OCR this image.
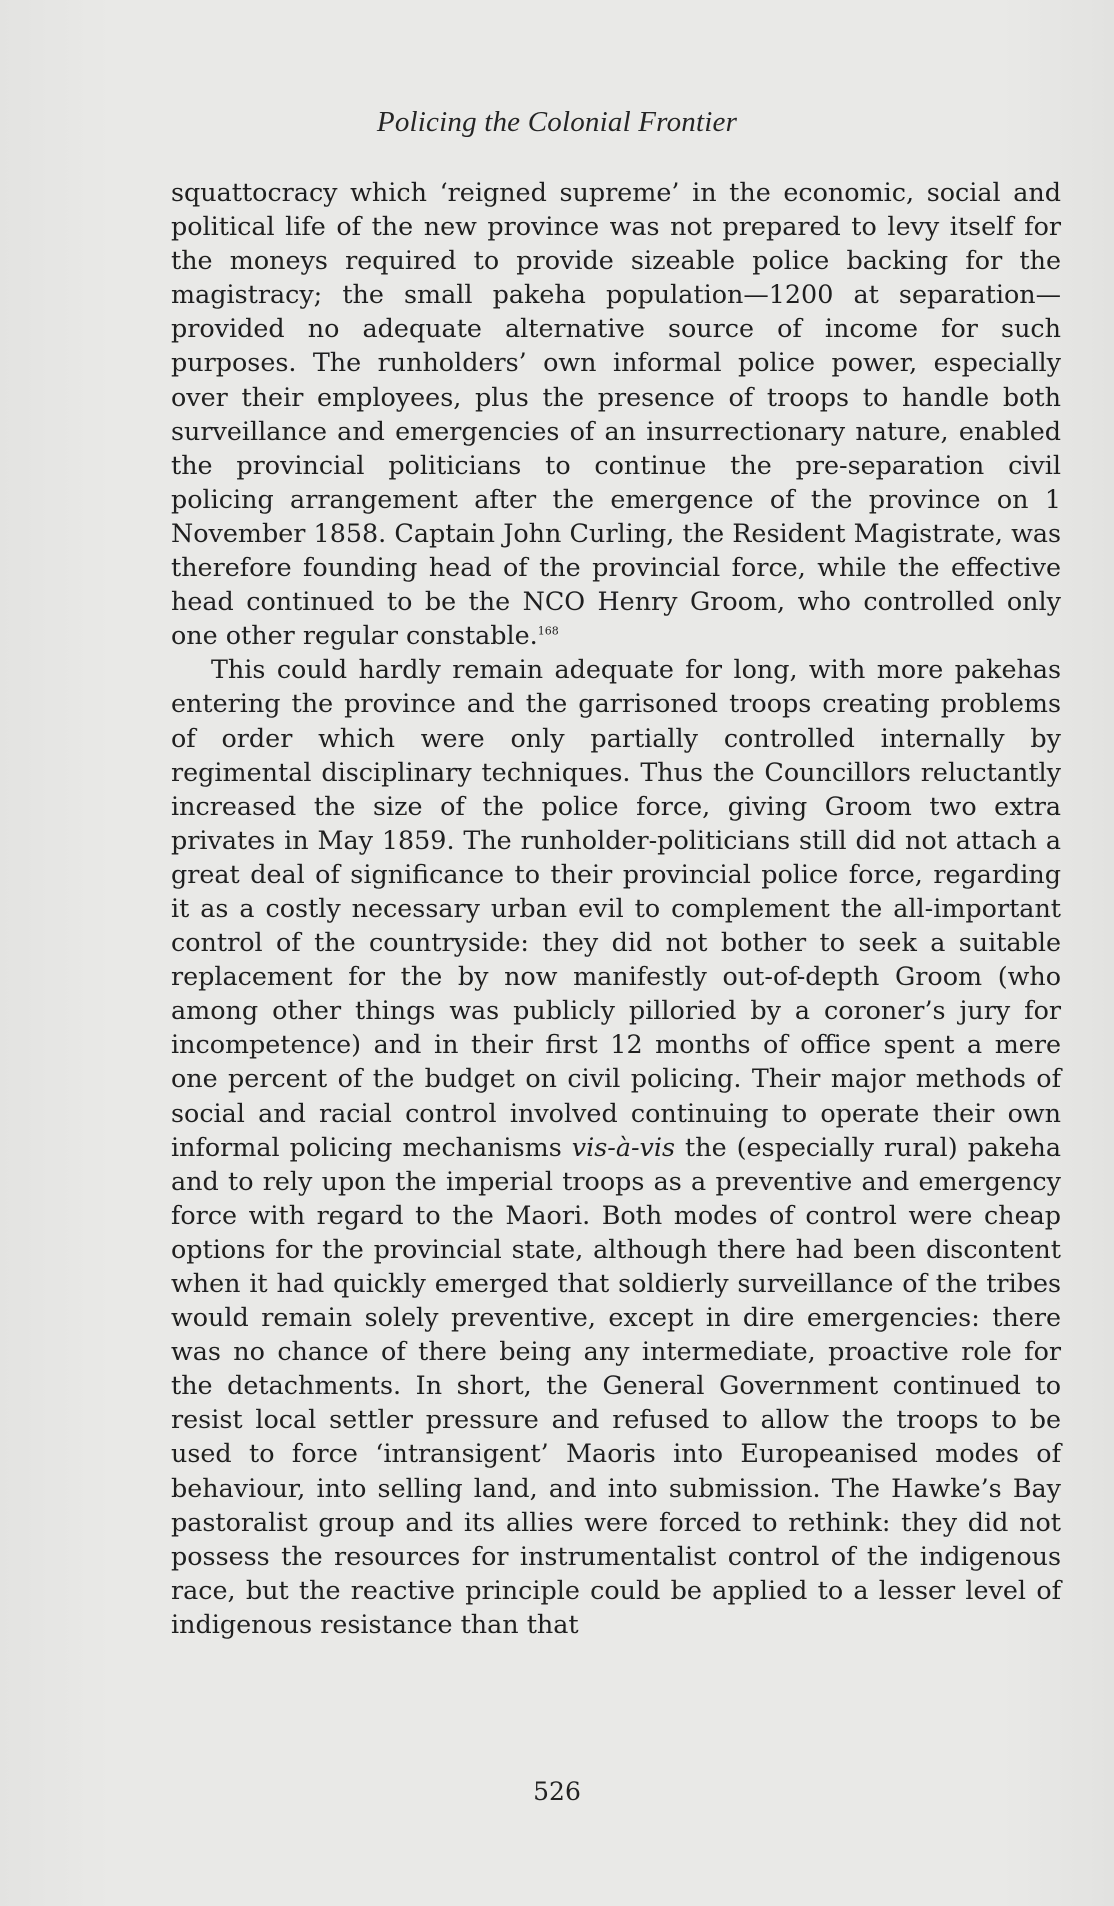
Policing the Colonial Frontier

squattocracy which ‘reigned supreme’ in the economic, social and political life of the new province was not prepared to levy itself for the moneys required to provide sizeable police backing for the magistracy; the small pakeha population—1200 at separation—provided no adequate alternative source of income for such purposes. The runholders’ own informal police power, especially over their employees, plus the presence of troops to handle both surveillance and emergencies of an insurrectionary nature, enabled the provincial politicians to continue the pre-separation civil policing arrangement after the emergence of the province on 1 November 1858. Captain John Curling, the Resident Magistrate, was therefore founding head of the provincial force, while the effective head continued to be the NCO Henry Groom, who controlled only one other regular constable.$^{168}$

This could hardly remain adequate for long, with more pakehas entering the province and the garrisoned troops creating problems of order which were only partially controlled internally by regimental disciplinary techniques. Thus the Councillors reluctantly increased the size of the police force, giving Groom two extra privates in May 1859. The runholder-politicians still did not attach a great deal of significance to their provincial police force, regarding it as a costly necessary urban evil to complement the all-important control of the countryside: they did not bother to seek a suitable replacement for the by now manifestly out-of-depth Groom (who among other things was publicly pilloried by a coroner’s jury for incompetence) and in their first 12 months of office spent a mere one percent of the budget on civil policing. Their major methods of social and racial control involved continuing to operate their own informal policing mechanisms vis-à-vis the (especially rural) pakeha and to rely upon the imperial troops as a preventive and emergency force with regard to the Maori. Both modes of control were cheap options for the provincial state, although there had been discontent when it had quickly emerged that soldierly surveillance of the tribes would remain solely preventive, except in dire emergencies: there was no chance of there being any intermediate, proactive role for the detachments. In short, the General Government continued to resist local settler pressure and refused to allow the troops to be used to force ‘intransigent’ Maoris into Europeanised modes of behaviour, into selling land, and into submission. The Hawke’s Bay pastoralist group and its allies were forced to rethink: they did not possess the resources for instrumentalist control of the indigenous race, but the reactive principle could be applied to a lesser level of indigenous resistance than that

526
